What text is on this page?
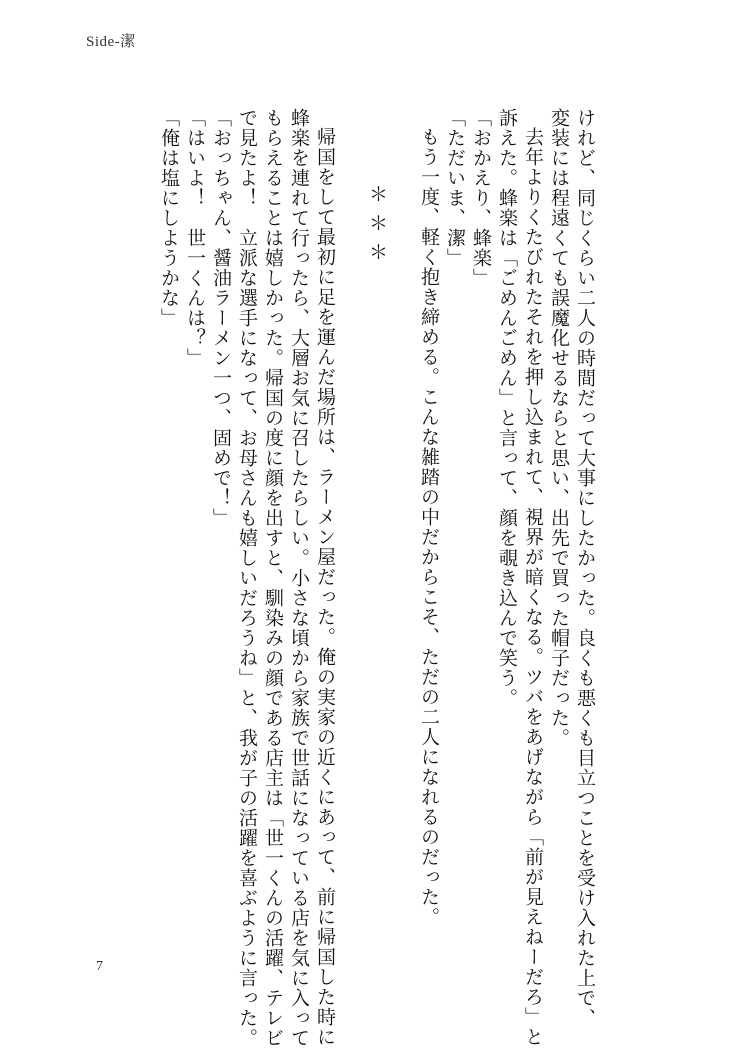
Side-潔

けれど、同じくらい二人の時間だって大事にしたかった。良くも悪くも目立つことを受け入れた上で、

変装には程遠くても誤魔化せるならと思い、出先で買った帽子だった。

去年よりくたびれたそれを押し込まれて、視界が暗くなる。ツバをあげながら「前が見えねーだろ」と

訴えた。蜂楽は「ごめんごめん」と言って、顔を覗き込んで笑う。

「おかえり、蜂楽」

「ただいま、潔」

もう一度、軽く抱き締める。こんな雑踏の中だからこそ、ただの二人になれるのだった。

＊＊＊

帰国をして最初に足を運んだ場所は、ラーメン屋だった。俺の実家の近くにあって、前に帰国した時に

蜂楽を連れて行ったら、大層お気に召したらしい。小さな頃から家族で世話になっている店を気に入って

もらえることは嬉しかった。帰国の度に顔を出すと、馴染みの顔である店主は「世一くんの活躍、テレビ

で見たよ！　立派な選手になって、お母さんも嬉しいだろうね」と、我が子の活躍を喜ぶように言った。

「おっちゃん、醤油ラーメン一つ、固めで！」

「はいよ！　世一くんは？」

「俺は塩にしようかな」

7
